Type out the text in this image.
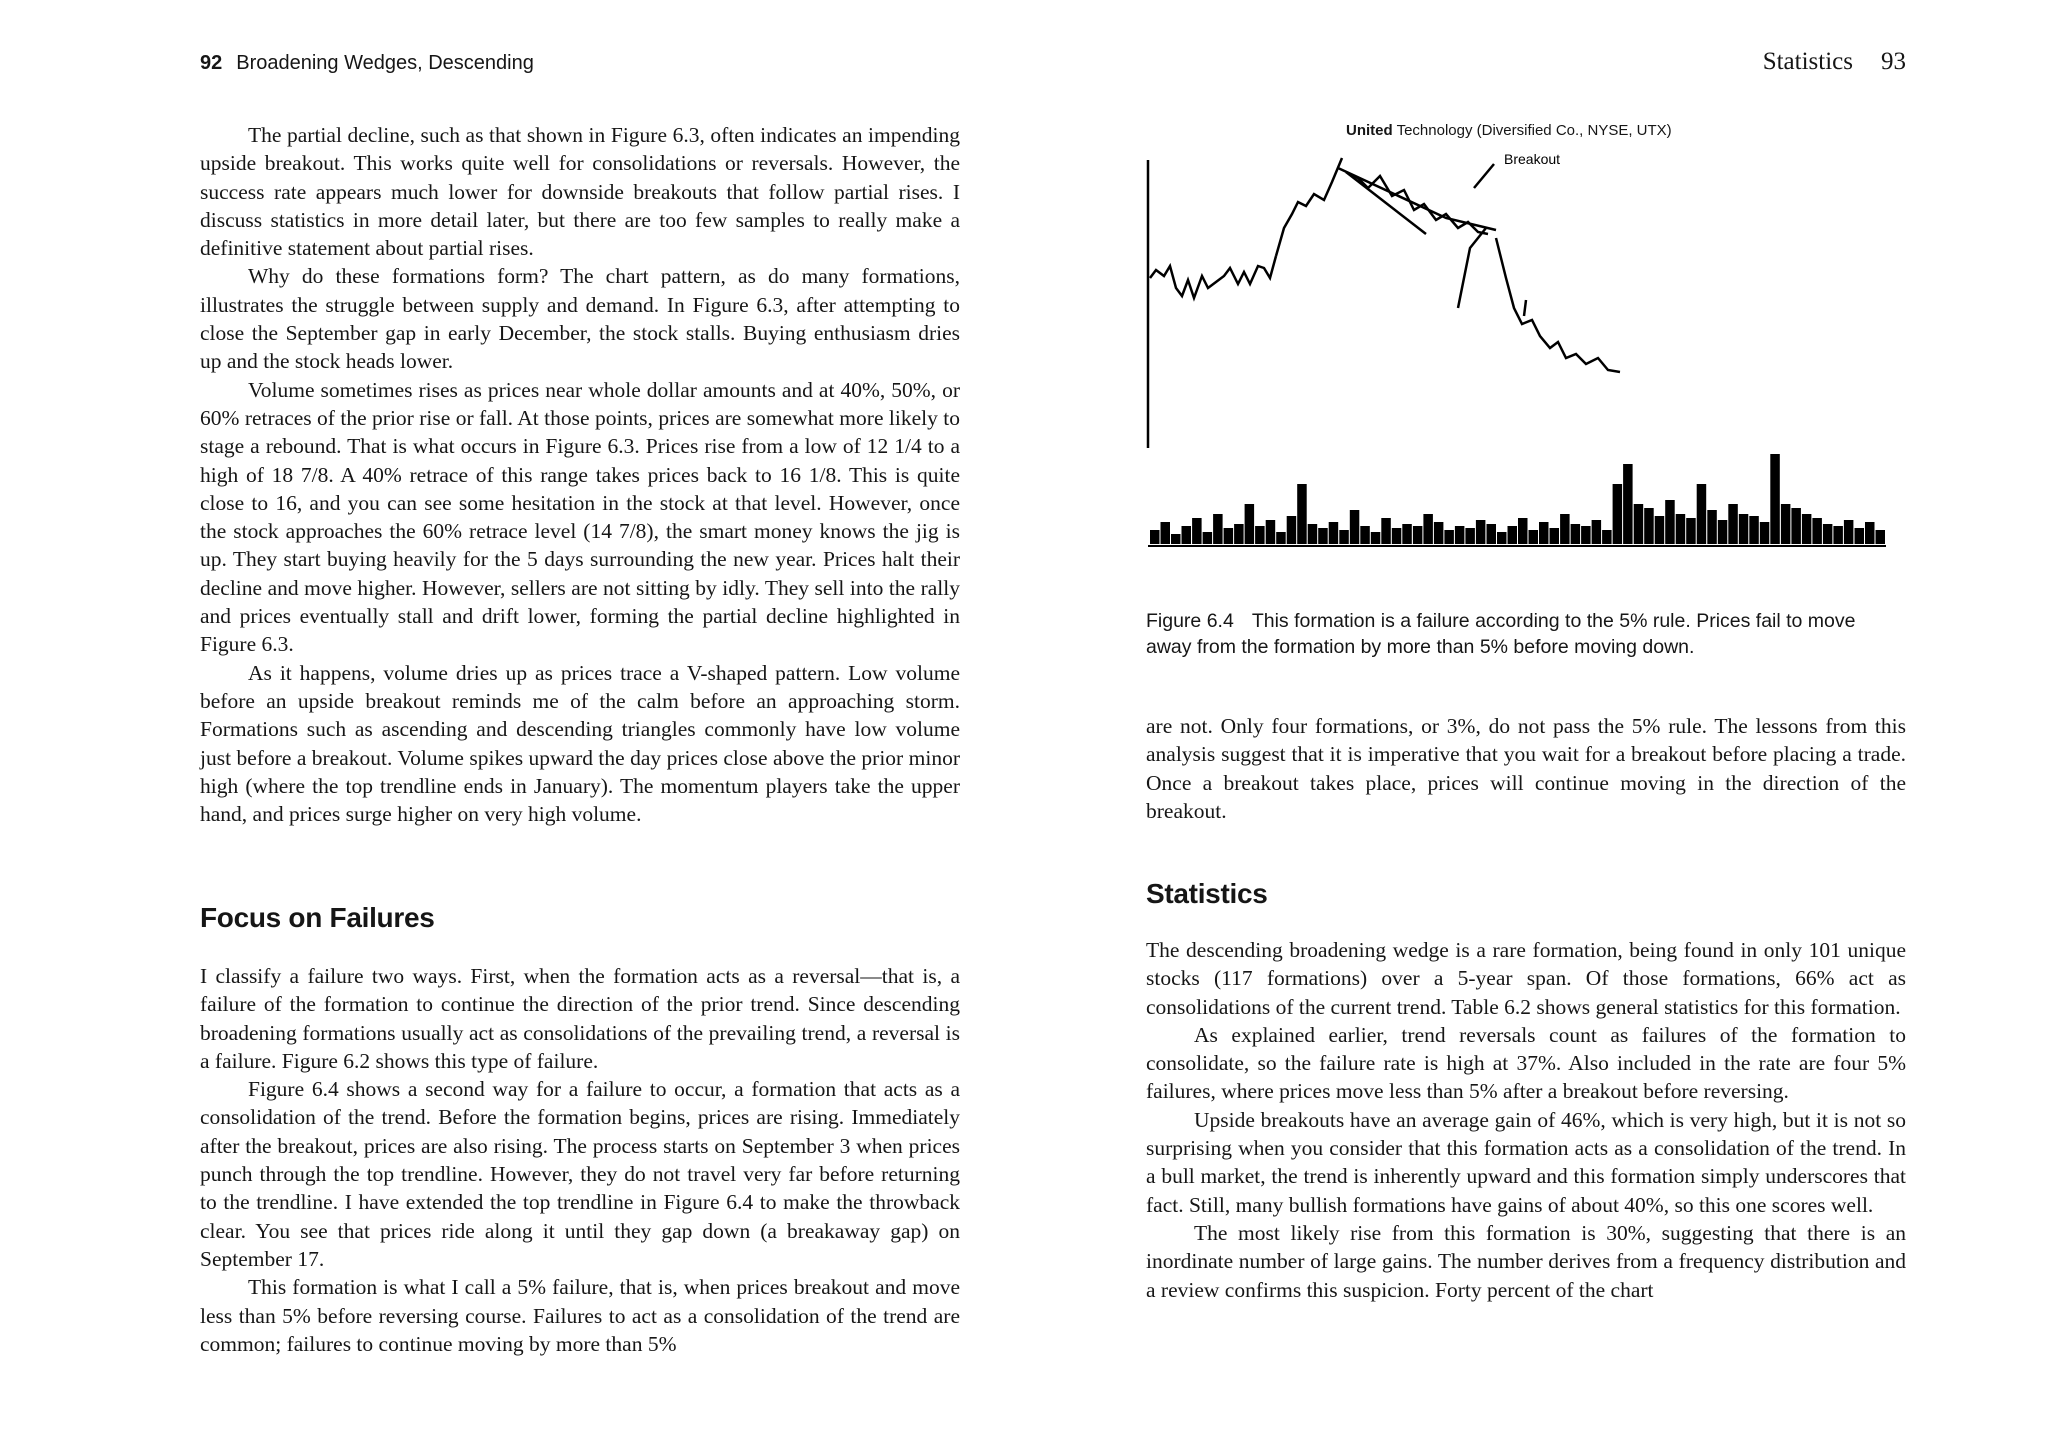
92 Broadening Wedges, Descending

The partial decline, such as that shown in Figure 6.3, often indicates an impending upside breakout. This works quite well for consolidations or reversals. However, the success rate appears much lower for downside breakouts that follow partial rises. I discuss statistics in more detail later, but there are too few samples to really make a definitive statement about partial rises.

Why do these formations form? The chart pattern, as do many formations, illustrates the struggle between supply and demand. In Figure 6.3, after attempting to close the September gap in early December, the stock stalls. Buying enthusiasm dries up and the stock heads lower.

Volume sometimes rises as prices near whole dollar amounts and at 40%, 50%, or 60% retraces of the prior rise or fall. At those points, prices are somewhat more likely to stage a rebound. That is what occurs in Figure 6.3. Prices rise from a low of 12 1/4 to a high of 18 7/8. A 40% retrace of this range takes prices back to 16 1/8. This is quite close to 16, and you can see some hesitation in the stock at that level. However, once the stock approaches the 60% retrace level (14 7/8), the smart money knows the jig is up. They start buying heavily for the 5 days surrounding the new year. Prices halt their decline and move higher. However, sellers are not sitting by idly. They sell into the rally and prices eventually stall and drift lower, forming the partial decline highlighted in Figure 6.3.

As it happens, volume dries up as prices trace a V-shaped pattern. Low volume before an upside breakout reminds me of the calm before an approaching storm. Formations such as ascending and descending triangles commonly have low volume just before a breakout. Volume spikes upward the day prices close above the prior minor high (where the top trendline ends in January). The momentum players take the upper hand, and prices surge higher on very high volume.

Focus on Failures

I classify a failure two ways. First, when the formation acts as a reversal—that is, a failure of the formation to continue the direction of the prior trend. Since descending broadening formations usually act as consolidations of the prevailing trend, a reversal is a failure. Figure 6.2 shows this type of failure.

Figure 6.4 shows a second way for a failure to occur, a formation that acts as a consolidation of the trend. Before the formation begins, prices are rising. Immediately after the breakout, prices are also rising. The process starts on September 3 when prices punch through the top trendline. However, they do not travel very far before returning to the trendline. I have extended the top trendline in Figure 6.4 to make the throwback clear. You see that prices ride along it until they gap down (a breakaway gap) on September 17.

This formation is what I call a 5% failure, that is, when prices breakout and move less than 5% before reversing course. Failures to act as a consolidation of the trend are common; failures to continue moving by more than 5%

Statistics 93
United Technology (Diversified Co., NYSE, UTX)
Breakout
Figure 6.4 This formation is a failure according to the 5% rule. Prices fail to move away from the formation by more than 5% before moving down.

are not. Only four formations, or 3%, do not pass the 5% rule. The lessons from this analysis suggest that it is imperative that you wait for a breakout before placing a trade. Once a breakout takes place, prices will continue moving in the direction of the breakout.

Statistics

The descending broadening wedge is a rare formation, being found in only 101 unique stocks (117 formations) over a 5-year span. Of those formations, 66% act as consolidations of the current trend. Table 6.2 shows general statistics for this formation.

As explained earlier, trend reversals count as failures of the formation to consolidate, so the failure rate is high at 37%. Also included in the rate are four 5% failures, where prices move less than 5% after a breakout before reversing.

Upside breakouts have an average gain of 46%, which is very high, but it is not so surprising when you consider that this formation acts as a consolidation of the trend. In a bull market, the trend is inherently upward and this formation simply underscores that fact. Still, many bullish formations have gains of about 40%, so this one scores well.

The most likely rise from this formation is 30%, suggesting that there is an inordinate number of large gains. The number derives from a frequency distribution and a review confirms this suspicion. Forty percent of the chart
